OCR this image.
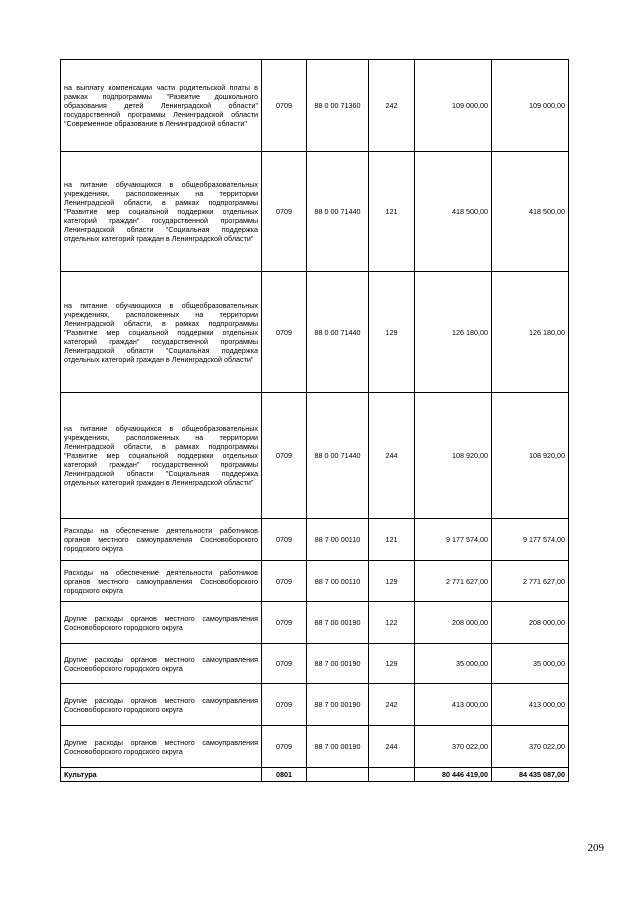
на выплату компенсации части родительской платы в рамках подпрограммы "Развитие дошкольного образования детей Ленинградской области" государственной программы Ленинградской области "Современное образование в Ленинградской области"	0709	88 0 00 71360	242	109 000,00	109 000,00
на питание обучающихся в общеобразовательных учреждениях, расположенных на территории Ленинградской области, в рамках подпрограммы "Развитие мер социальной поддержки отдельных категорий граждан" государственной программы Ленинградской области "Социальная поддержка отдельных категорий граждан в Ленинградской области"	0709	88 0 00 71440	121	418 500,00	418 500,00
на питание обучающихся в общеобразовательных учреждениях, расположенных на территории Ленинградской области, в рамках подпрограммы "Развитие мер социальной поддержки отдельных категорий граждан" государственной программы Ленинградской области "Социальная поддержка отдельных категорий граждан в Ленинградской области"	0709	88 0 00 71440	129	126 180,00	126 180,00
на питание обучающихся в общеобразовательных учреждениях, расположенных на территории Ленинградской области, в рамках подпрограммы "Развитие мер социальной поддержки отдельных категорий граждан" государственной программы Ленинградской области "Социальная поддержка отдельных категорий граждан в Ленинградской области"	0709	88 0 00 71440	244	108 920,00	108 920,00
Расходы на обеспечение деятельности работников органов местного самоуправления Сосновоборского городского округа	0709	88 7 00 00110	121	9 177 574,00	9 177 574,00
Расходы на обеспечение деятельности работников органов местного самоуправления Сосновоборского городского округа	0709	88 7 00 00110	129	2 771 627,00	2 771 627,00
Другие расходы органов местного самоуправления Сосновоборского городского округа	0709	88 7 00 00190	122	208 000,00	208 000,00
Другие расходы органов местного самоуправления Сосновоборского городского округа	0709	88 7 00 00190	129	35 000,00	35 000,00
Другие расходы органов местного самоуправления Сосновоборского городского округа	0709	88 7 00 00190	242	413 000,00	413 000,00
Другие расходы органов местного самоуправления Сосновоборского городского округа	0709	88 7 00 00190	244	370 022,00	370 022,00
Культура	0801			80 446 419,00	84 435 087,00
209
